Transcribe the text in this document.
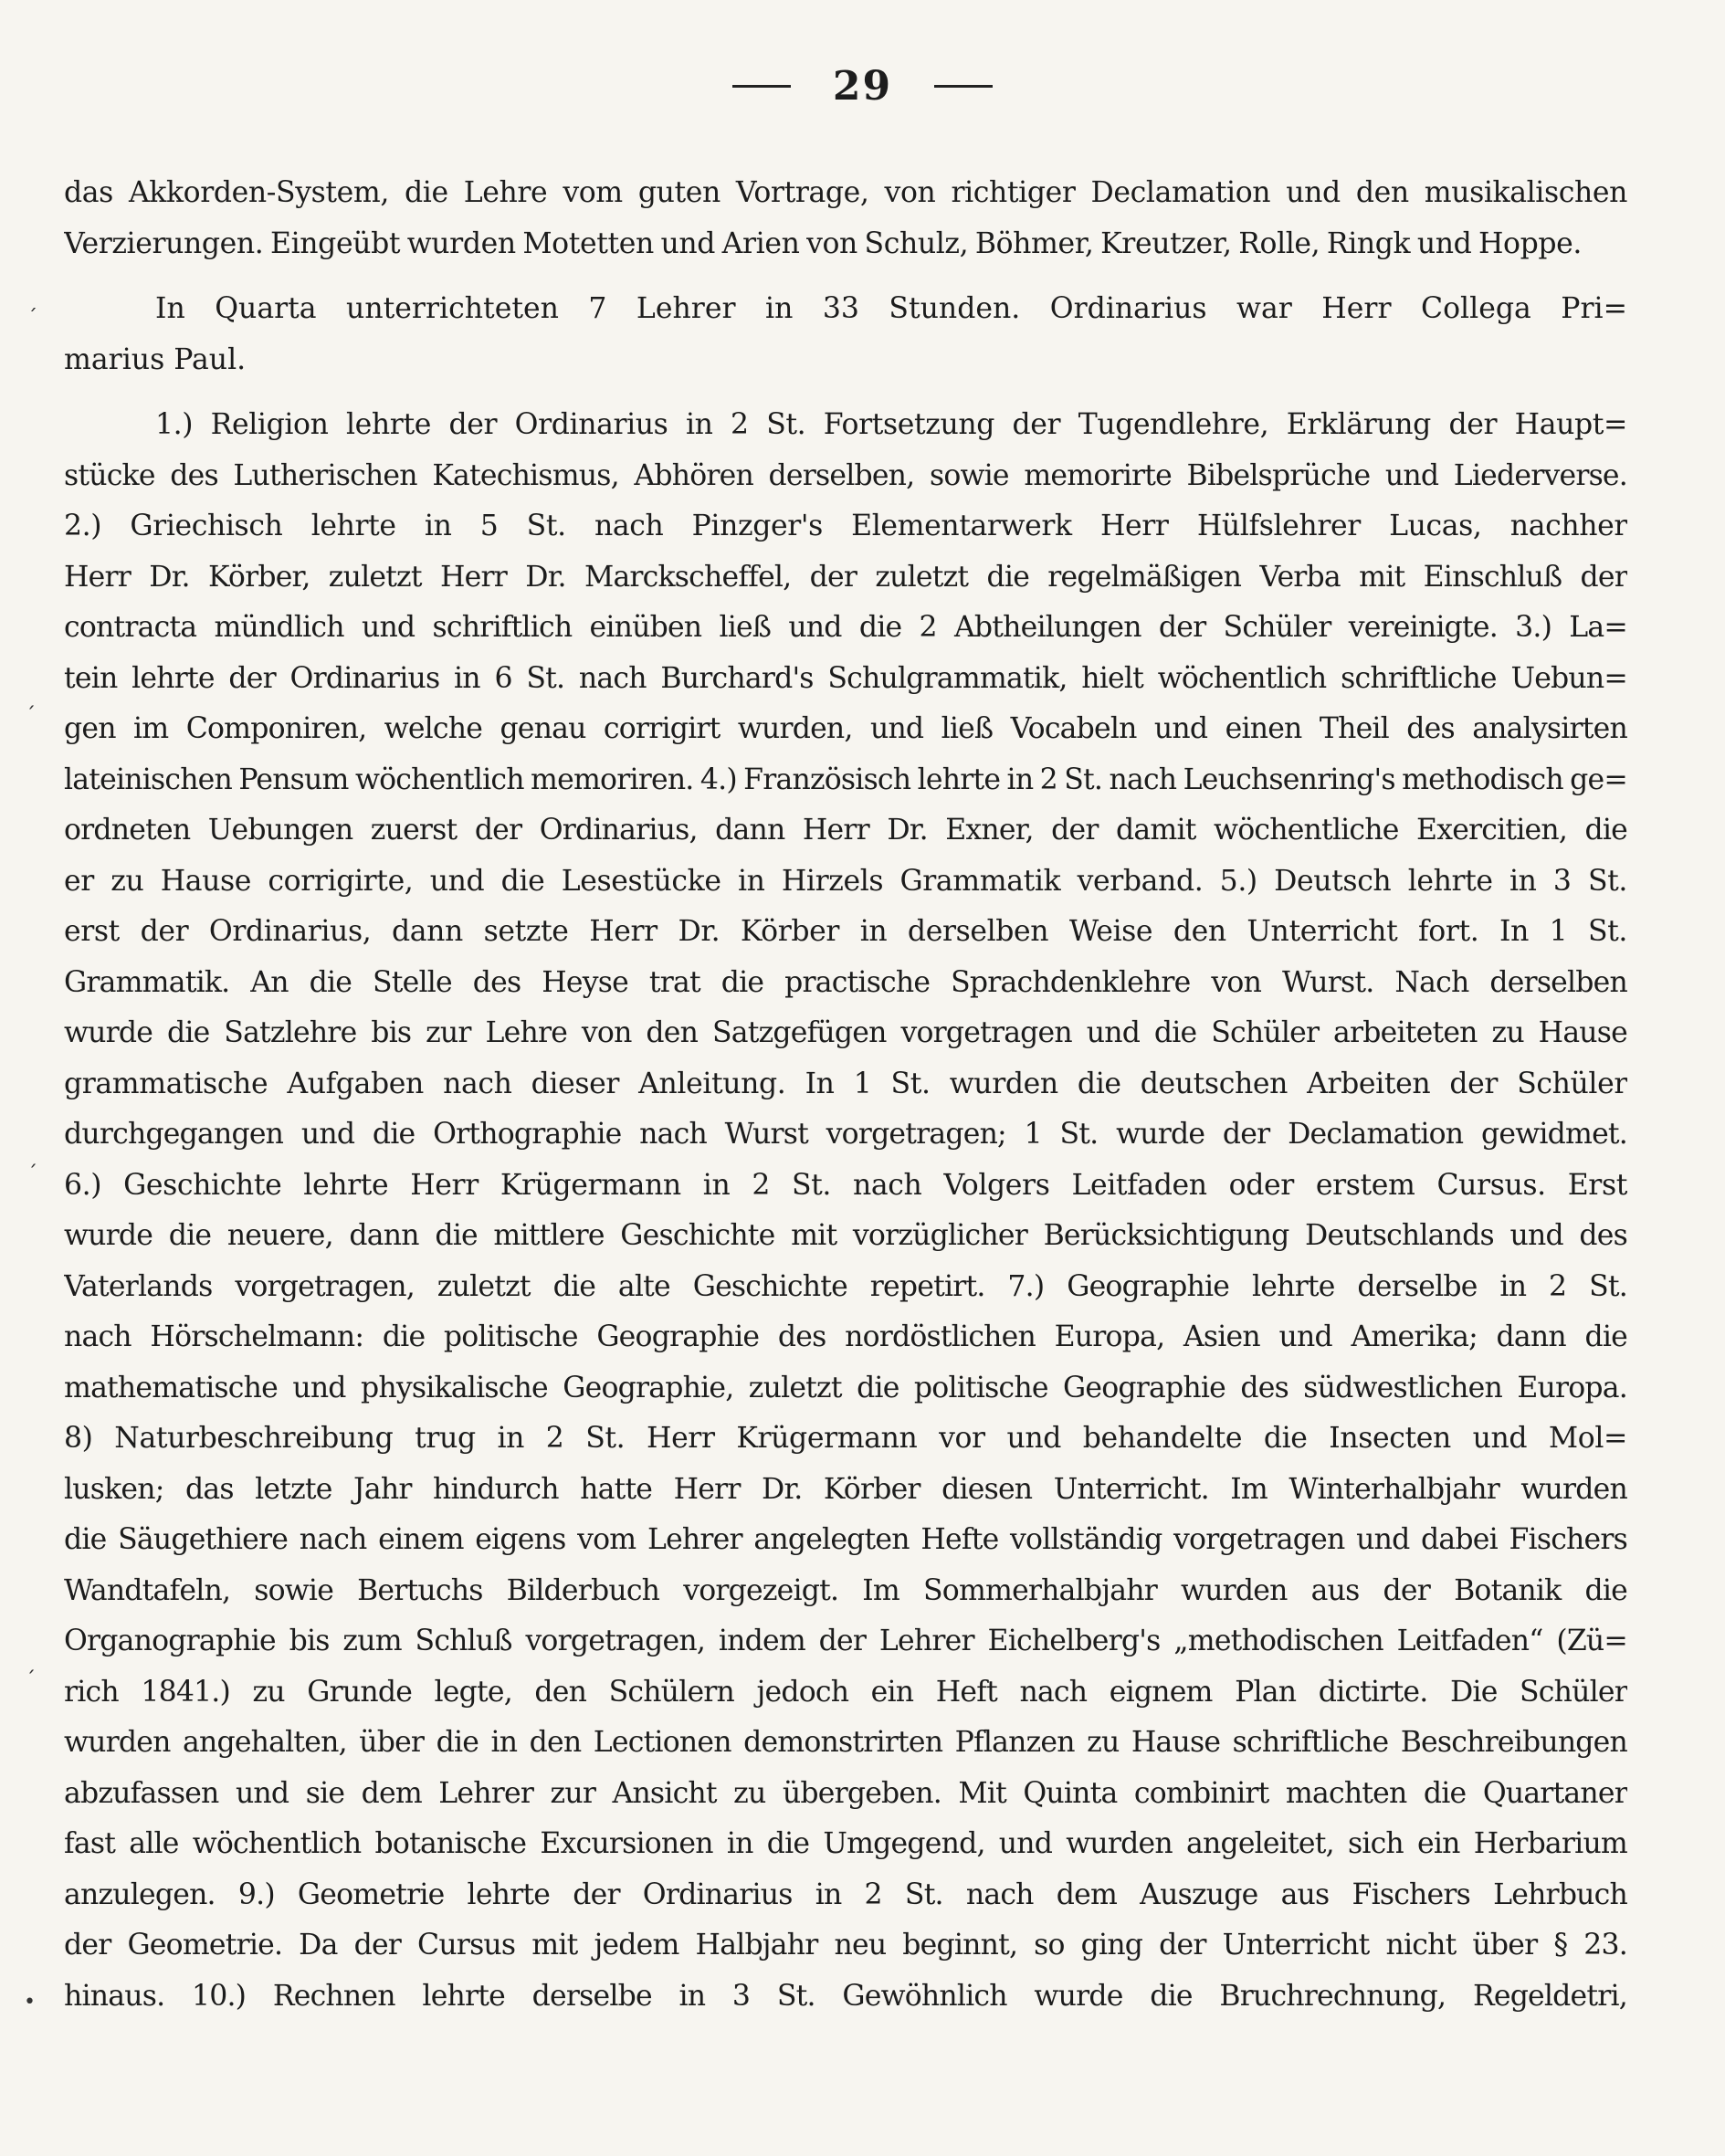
29
ˊ
ˏ
ˏ
ˏ
•
das Akkorden-System, die Lehre vom guten Vortrage, von richtiger Declamation und den musikalischen
Verzierungen. Eingeübt wurden Motetten und Arien von Schulz, Böhmer, Kreutzer, Rolle, Ringk und Hoppe.
In Quarta unterrichteten 7 Lehrer in 33 Stunden. Ordinarius war Herr Collega Pri=
marius Paul.
1.) Religion lehrte der Ordinarius in 2 St. Fortsetzung der Tugendlehre, Erklärung der Haupt=
stücke des Lutherischen Katechismus, Abhören derselben, sowie memorirte Bibelsprüche und Liederverse.
2.) Griechisch lehrte in 5 St. nach Pinzger's Elementarwerk Herr Hülfslehrer Lucas, nachher
Herr Dr. Körber, zuletzt Herr Dr. Marckscheffel, der zuletzt die regelmäßigen Verba mit Einschluß der
contracta mündlich und schriftlich einüben ließ und die 2 Abtheilungen der Schüler vereinigte. 3.) La=
tein lehrte der Ordinarius in 6 St. nach Burchard's Schulgrammatik, hielt wöchentlich schriftliche Uebun=
gen im Componiren, welche genau corrigirt wurden, und ließ Vocabeln und einen Theil des analysirten
lateinischen Pensum wöchentlich memoriren. 4.) Französisch lehrte in 2 St. nach Leuchsenring's methodisch ge=
ordneten Uebungen zuerst der Ordinarius, dann Herr Dr. Exner, der damit wöchentliche Exercitien, die
er zu Hause corrigirte, und die Lesestücke in Hirzels Grammatik verband. 5.) Deutsch lehrte in 3 St.
erst der Ordinarius, dann setzte Herr Dr. Körber in derselben Weise den Unterricht fort. In 1 St.
Grammatik. An die Stelle des Heyse trat die practische Sprachdenklehre von Wurst. Nach derselben
wurde die Satzlehre bis zur Lehre von den Satzgefügen vorgetragen und die Schüler arbeiteten zu Hause
grammatische Aufgaben nach dieser Anleitung. In 1 St. wurden die deutschen Arbeiten der Schüler
durchgegangen und die Orthographie nach Wurst vorgetragen; 1 St. wurde der Declamation gewidmet.
6.) Geschichte lehrte Herr Krügermann in 2 St. nach Volgers Leitfaden oder erstem Cursus. Erst
wurde die neuere, dann die mittlere Geschichte mit vorzüglicher Berücksichtigung Deutschlands und des
Vaterlands vorgetragen, zuletzt die alte Geschichte repetirt. 7.) Geographie lehrte derselbe in 2 St.
nach Hörschelmann: die politische Geographie des nordöstlichen Europa, Asien und Amerika; dann die
mathematische und physikalische Geographie, zuletzt die politische Geographie des südwestlichen Europa.
8) Naturbeschreibung trug in 2 St. Herr Krügermann vor und behandelte die Insecten und Mol=
lusken; das letzte Jahr hindurch hatte Herr Dr. Körber diesen Unterricht. Im Winterhalbjahr wurden
die Säugethiere nach einem eigens vom Lehrer angelegten Hefte vollständig vorgetragen und dabei Fischers
Wandtafeln, sowie Bertuchs Bilderbuch vorgezeigt. Im Sommerhalbjahr wurden aus der Botanik die
Organographie bis zum Schluß vorgetragen, indem der Lehrer Eichelberg's „methodischen Leitfaden“ (Zü=
rich 1841.) zu Grunde legte, den Schülern jedoch ein Heft nach eignem Plan dictirte. Die Schüler
wurden angehalten, über die in den Lectionen demonstrirten Pflanzen zu Hause schriftliche Beschreibungen
abzufassen und sie dem Lehrer zur Ansicht zu übergeben. Mit Quinta combinirt machten die Quartaner
fast alle wöchentlich botanische Excursionen in die Umgegend, und wurden angeleitet, sich ein Herbarium
anzulegen. 9.) Geometrie lehrte der Ordinarius in 2 St. nach dem Auszuge aus Fischers Lehrbuch
der Geometrie. Da der Cursus mit jedem Halbjahr neu beginnt, so ging der Unterricht nicht über § 23.
hinaus. 10.) Rechnen lehrte derselbe in 3 St. Gewöhnlich wurde die Bruchrechnung, Regeldetri,
